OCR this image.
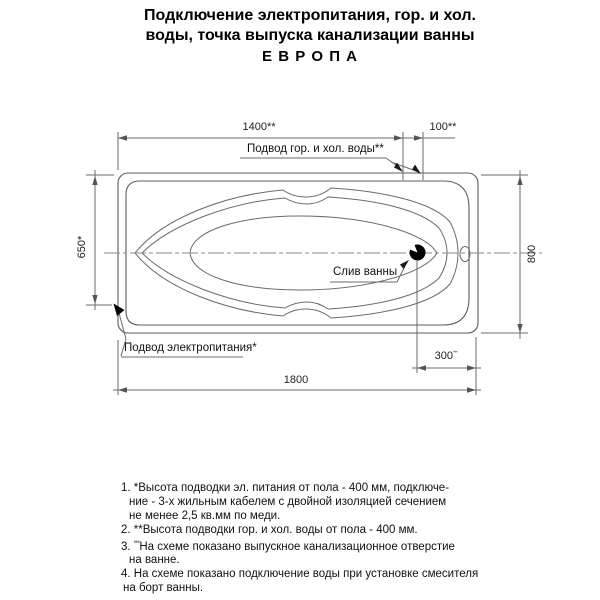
Подключение электропитания, гор. и хол.
воды, точка выпуска канализации ванны
Е В Р О П А
1400**	100**
650*	800
300***
1800
Подвод гор. и хол. воды**
Слив ванны
Подвод электропитания*
1. *Высота подводки эл. питания от пола - 400 мм, подключе-
ние - 3-х жильным кабелем с двойной изоляцией сечением
не менее 2,5 кв.мм по меди.
2. **Высота подводки гор. и хол. воды от пола - 400 мм.
3. ***На схеме показано выпускное канализационное отверстие
на ванне.
4. На схеме показано подключение воды при установке смесителя
на борт ванны.
